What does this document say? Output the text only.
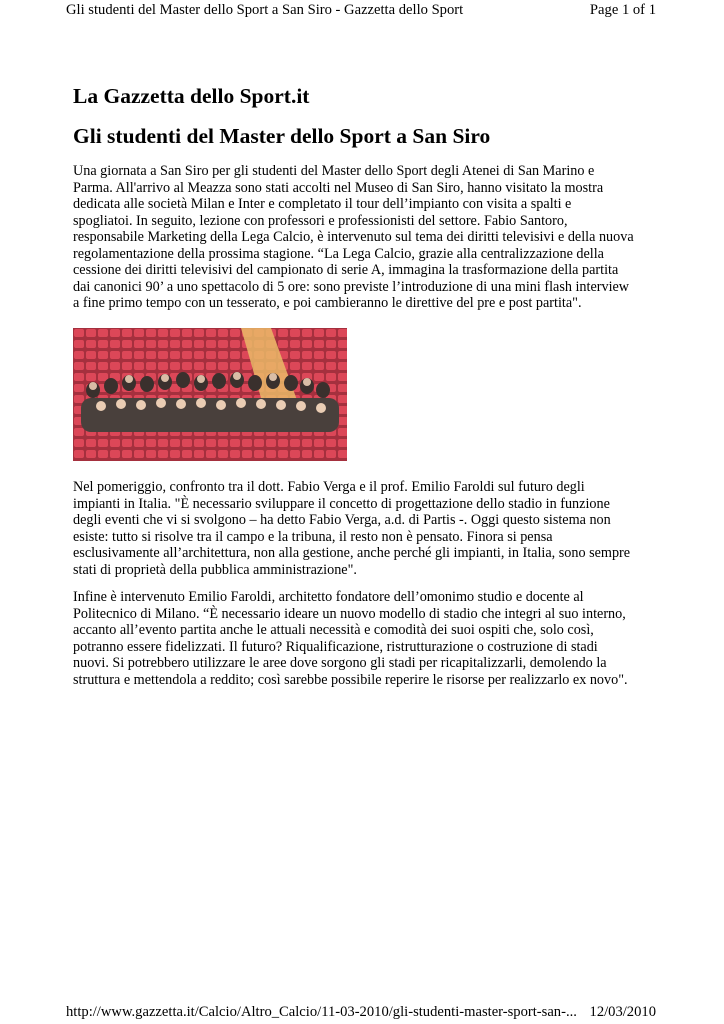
Gli studenti del Master dello Sport a San Siro - Gazzetta dello Sport	Page 1 of 1
La Gazzetta dello Sport.it
Gli studenti del Master dello Sport a San Siro

Una giornata a San Siro per gli studenti del Master dello Sport degli Atenei di San Marino e
Parma. All'arrivo al Meazza sono stati accolti nel Museo di San Siro, hanno visitato la mostra
dedicata alle società Milan e Inter e completato il tour dell’impianto con visita a spalti e
spogliatoi. In seguito, lezione con professori e professionisti del settore. Fabio Santoro,
responsabile Marketing della Lega Calcio, è intervenuto sul tema dei diritti televisivi e della nuova
regolamentazione della prossima stagione. “La Lega Calcio, grazie alla centralizzazione della
cessione dei diritti televisivi del campionato di serie A, immagina la trasformazione della partita
dai canonici 90’ a uno spettacolo di 5 ore: sono previste l’introduzione di una mini flash interview
a fine primo tempo con un tesserato, e poi cambieranno le direttive del pre e post partita".

Nel pomeriggio, confronto tra il dott. Fabio Verga e il prof. Emilio Faroldi sul futuro degli
impianti in Italia. "È necessario sviluppare il concetto di progettazione dello stadio in funzione
degli eventi che vi si svolgono – ha detto Fabio Verga, a.d. di Partis -. Oggi questo sistema non
esiste: tutto si risolve tra il campo e la tribuna, il resto non è pensato. Finora si pensa
esclusivamente all’architettura, non alla gestione, anche perché gli impianti, in Italia, sono sempre
stati di proprietà della pubblica amministrazione".

Infine è intervenuto Emilio Faroldi, architetto fondatore dell’omonimo studio e docente al
Politecnico di Milano. “È necessario ideare un nuovo modello di stadio che integri al suo interno,
accanto all’evento partita anche le attuali necessità e comodità dei suoi ospiti che, solo così,
potranno essere fidelizzati. Il futuro? Riqualificazione, ristrutturazione o costruzione di stadi
nuovi. Si potrebbero utilizzare le aree dove sorgono gli stadi per ricapitalizzarli, demolendo la
struttura e mettendola a reddito; così sarebbe possibile reperire le risorse per realizzarlo ex novo".

http://www.gazzetta.it/Calcio/Altro_Calcio/11-03-2010/gli-studenti-master-sport-san-... 12/03/2010
